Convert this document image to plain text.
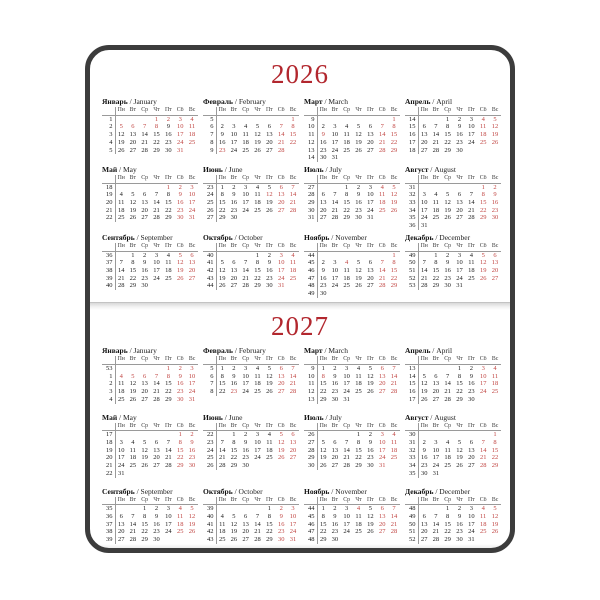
2026
Январь / January
	Пн	Вт	Ср	Чт	Пт	Сб	Вс
1				1	2	3	4
2	5	6	7	8	9	10	11
3	12	13	14	15	16	17	18
4	19	20	21	22	23	24	25
5	26	27	28	29	30	31	
Февраль / February
	Пн	Вт	Ср	Чт	Пт	Сб	Вс
5							1
6	2	3	4	5	6	7	8
7	9	10	11	12	13	14	15
8	16	17	18	19	20	21	22
9	23	24	25	26	27	28	
Март / March
	Пн	Вт	Ср	Чт	Пт	Сб	Вс
9							1
10	2	3	4	5	6	7	8
11	9	10	11	12	13	14	15
12	16	17	18	19	20	21	22
13	23	24	25	26	27	28	29
14	30	31					
Апрель / April
	Пн	Вт	Ср	Чт	Пт	Сб	Вс
14			1	2	3	4	5
15	6	7	8	9	10	11	12
16	13	14	15	16	17	18	19
17	20	21	22	23	24	25	26
18	27	28	29	30			
Май / May
	Пн	Вт	Ср	Чт	Пт	Сб	Вс
18					1	2	3
19	4	5	6	7	8	9	10
20	11	12	13	14	15	16	17
21	18	19	20	21	22	23	24
22	25	26	27	28	29	30	31
Июнь / June
	Пн	Вт	Ср	Чт	Пт	Сб	Вс
23	1	2	3	4	5	6	7
24	8	9	10	11	12	13	14
25	15	16	17	18	19	20	21
26	22	23	24	25	26	27	28
27	29	30					
Июль / July
	Пн	Вт	Ср	Чт	Пт	Сб	Вс
27			1	2	3	4	5
28	6	7	8	9	10	11	12
29	13	14	15	16	17	18	19
30	20	21	22	23	24	25	26
31	27	28	29	30	31		
Август / August
	Пн	Вт	Ср	Чт	Пт	Сб	Вс
31						1	2
32	3	4	5	6	7	8	9
33	10	11	12	13	14	15	16
34	17	18	19	20	21	22	23
35	24	25	26	27	28	29	30
36	31						
Сентябрь / September
	Пн	Вт	Ср	Чт	Пт	Сб	Вс
36		1	2	3	4	5	6
37	7	8	9	10	11	12	13
38	14	15	16	17	18	19	20
39	21	22	23	24	25	26	27
40	28	29	30				
Октябрь / October
	Пн	Вт	Ср	Чт	Пт	Сб	Вс
40				1	2	3	4
41	5	6	7	8	9	10	11
42	12	13	14	15	16	17	18
43	19	20	21	22	23	24	25
44	26	27	28	29	30	31	
Ноябрь / November
	Пн	Вт	Ср	Чт	Пт	Сб	Вс
44							1
45	2	3	4	5	6	7	8
46	9	10	11	12	13	14	15
47	16	17	18	19	20	21	22
48	23	24	25	26	27	28	29
49	30						
Декабрь / December
	Пн	Вт	Ср	Чт	Пт	Сб	Вс
49		1	2	3	4	5	6
50	7	8	9	10	11	12	13
51	14	15	16	17	18	19	20
52	21	22	23	24	25	26	27
53	28	29	30	31			
2027
Январь / January
	Пн	Вт	Ср	Чт	Пт	Сб	Вс
53					1	2	3
1	4	5	6	7	8	9	10
2	11	12	13	14	15	16	17
3	18	19	20	21	22	23	24
4	25	26	27	28	29	30	31
Февраль / February
	Пн	Вт	Ср	Чт	Пт	Сб	Вс
5	1	2	3	4	5	6	7
6	8	9	10	11	12	13	14
7	15	16	17	18	19	20	21
8	22	23	24	25	26	27	28
Март / March
	Пн	Вт	Ср	Чт	Пт	Сб	Вс
9	1	2	3	4	5	6	7
10	8	9	10	11	12	13	14
11	15	16	17	18	19	20	21
12	22	23	24	25	26	27	28
13	29	30	31				
Апрель / April
	Пн	Вт	Ср	Чт	Пт	Сб	Вс
13				1	2	3	4
14	5	6	7	8	9	10	11
15	12	13	14	15	16	17	18
16	19	20	21	22	23	24	25
17	26	27	28	29	30		
Май / May
	Пн	Вт	Ср	Чт	Пт	Сб	Вс
17						1	2
18	3	4	5	6	7	8	9
19	10	11	12	13	14	15	16
20	17	18	19	20	21	22	23
21	24	25	26	27	28	29	30
22	31						
Июнь / June
	Пн	Вт	Ср	Чт	Пт	Сб	Вс
22		1	2	3	4	5	6
23	7	8	9	10	11	12	13
24	14	15	16	17	18	19	20
25	21	22	23	24	25	26	27
26	28	29	30				
Июль / July
	Пн	Вт	Ср	Чт	Пт	Сб	Вс
26				1	2	3	4
27	5	6	7	8	9	10	11
28	12	13	14	15	16	17	18
29	19	20	21	22	23	24	25
30	26	27	28	29	30	31	
Август / August
	Пн	Вт	Ср	Чт	Пт	Сб	Вс
30							1
31	2	3	4	5	6	7	8
32	9	10	11	12	13	14	15
33	16	17	18	19	20	21	22
34	23	24	25	26	27	28	29
35	30	31					
Сентябрь / September
	Пн	Вт	Ср	Чт	Пт	Сб	Вс
35			1	2	3	4	5
36	6	7	8	9	10	11	12
37	13	14	15	16	17	18	19
38	20	21	22	23	24	25	26
39	27	28	29	30			
Октябрь / October
	Пн	Вт	Ср	Чт	Пт	Сб	Вс
39					1	2	3
40	4	5	6	7	8	9	10
41	11	12	13	14	15	16	17
42	18	19	20	21	22	23	24
43	25	26	27	28	29	30	31
Ноябрь / November
	Пн	Вт	Ср	Чт	Пт	Сб	Вс
44	1	2	3	4	5	6	7
45	8	9	10	11	12	13	14
46	15	16	17	18	19	20	21
47	22	23	24	25	26	27	28
48	29	30					
Декабрь / December
	Пн	Вт	Ср	Чт	Пт	Сб	Вс
48			1	2	3	4	5
49	6	7	8	9	10	11	12
50	13	14	15	16	17	18	19
51	20	21	22	23	24	25	26
52	27	28	29	30	31		
